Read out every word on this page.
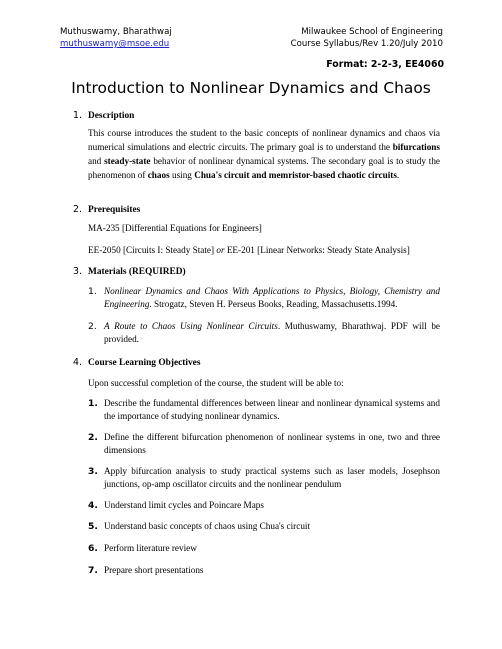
Muthuswamy, Bharathwaj
muthuswamy@msoe.edu
Milwaukee School of Engineering
Course Syllabus/Rev 1.20/July 2010
Format: 2-2-3, EE4060
Introduction to Nonlinear Dynamics and Chaos
1. Description
This course introduces the student to the basic concepts of nonlinear dynamics and chaos via numerical simulations and electric circuits. The primary goal is to understand the bifurcations and steady-state behavior of nonlinear dynamical systems. The secondary goal is to study the phenomenon of chaos using Chua's circuit and memristor-based chaotic circuits.
2. Prerequisites
MA-235 [Differential Equations for Engineers]
EE-2050 [Circuits I: Steady State] or EE-201 [Linear Networks: Steady State Analysis]
3. Materials (REQUIRED)
1. Nonlinear Dynamics and Chaos With Applications to Physics, Biology, Chemistry and Engineering. Strogatz, Steven H. Perseus Books, Reading, Massachusetts.1994.
2. A Route to Chaos Using Nonlinear Circuits. Muthuswamy, Bharathwaj. PDF will be provided.
4. Course Learning Objectives
Upon successful completion of the course, the student will be able to:
1. Describe the fundamental differences between linear and nonlinear dynamical systems and the importance of studying nonlinear dynamics.
2. Define the different bifurcation phenomenon of nonlinear systems in one, two and three dimensions
3. Apply bifurcation analysis to study practical systems such as laser models, Josephson junctions, op-amp oscillator circuits and the nonlinear pendulum
4. Understand limit cycles and Poincare Maps
5. Understand basic concepts of chaos using Chua's circuit
6. Perform literature review
7. Prepare short presentations
